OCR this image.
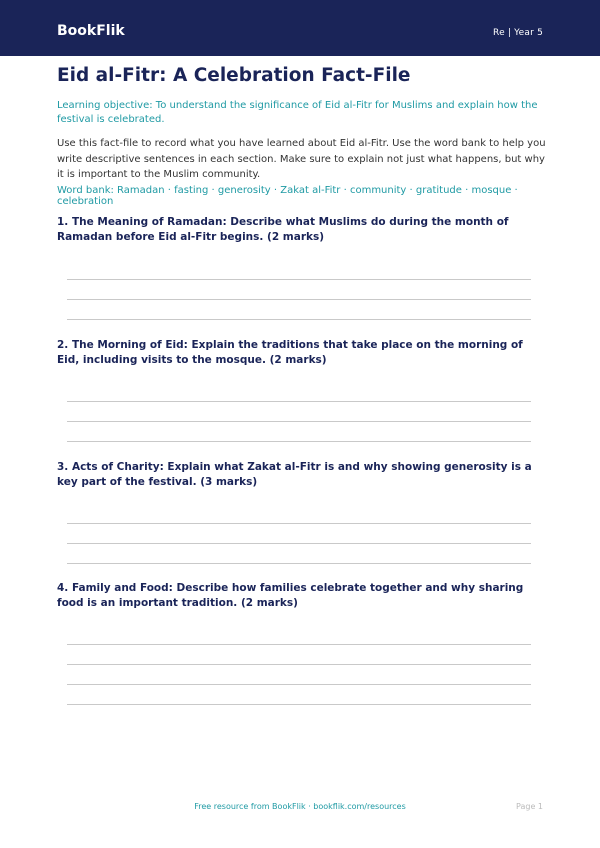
BookFlik	Re | Year 5
Eid al-Fitr: A Celebration Fact-File
Learning objective: To understand the significance of Eid al-Fitr for Muslims and explain how the festival is celebrated.
Use this fact-file to record what you have learned about Eid al-Fitr. Use the word bank to help you write descriptive sentences in each section. Make sure to explain not just what happens, but why it is important to the Muslim community.
Word bank: Ramadan · fasting · generosity · Zakat al-Fitr · community · gratitude · mosque · celebration

1. The Meaning of Ramadan: Describe what Muslims do during the month of Ramadan before Eid al-Fitr begins. (2 marks)

2. The Morning of Eid: Explain the traditions that take place on the morning of Eid, including visits to the mosque. (2 marks)

3. Acts of Charity: Explain what Zakat al-Fitr is and why showing generosity is a key part of the festival. (3 marks)

4. Family and Food: Describe how families celebrate together and why sharing food is an important tradition. (2 marks)

Free resource from BookFlik · bookflik.com/resources	Page 1
